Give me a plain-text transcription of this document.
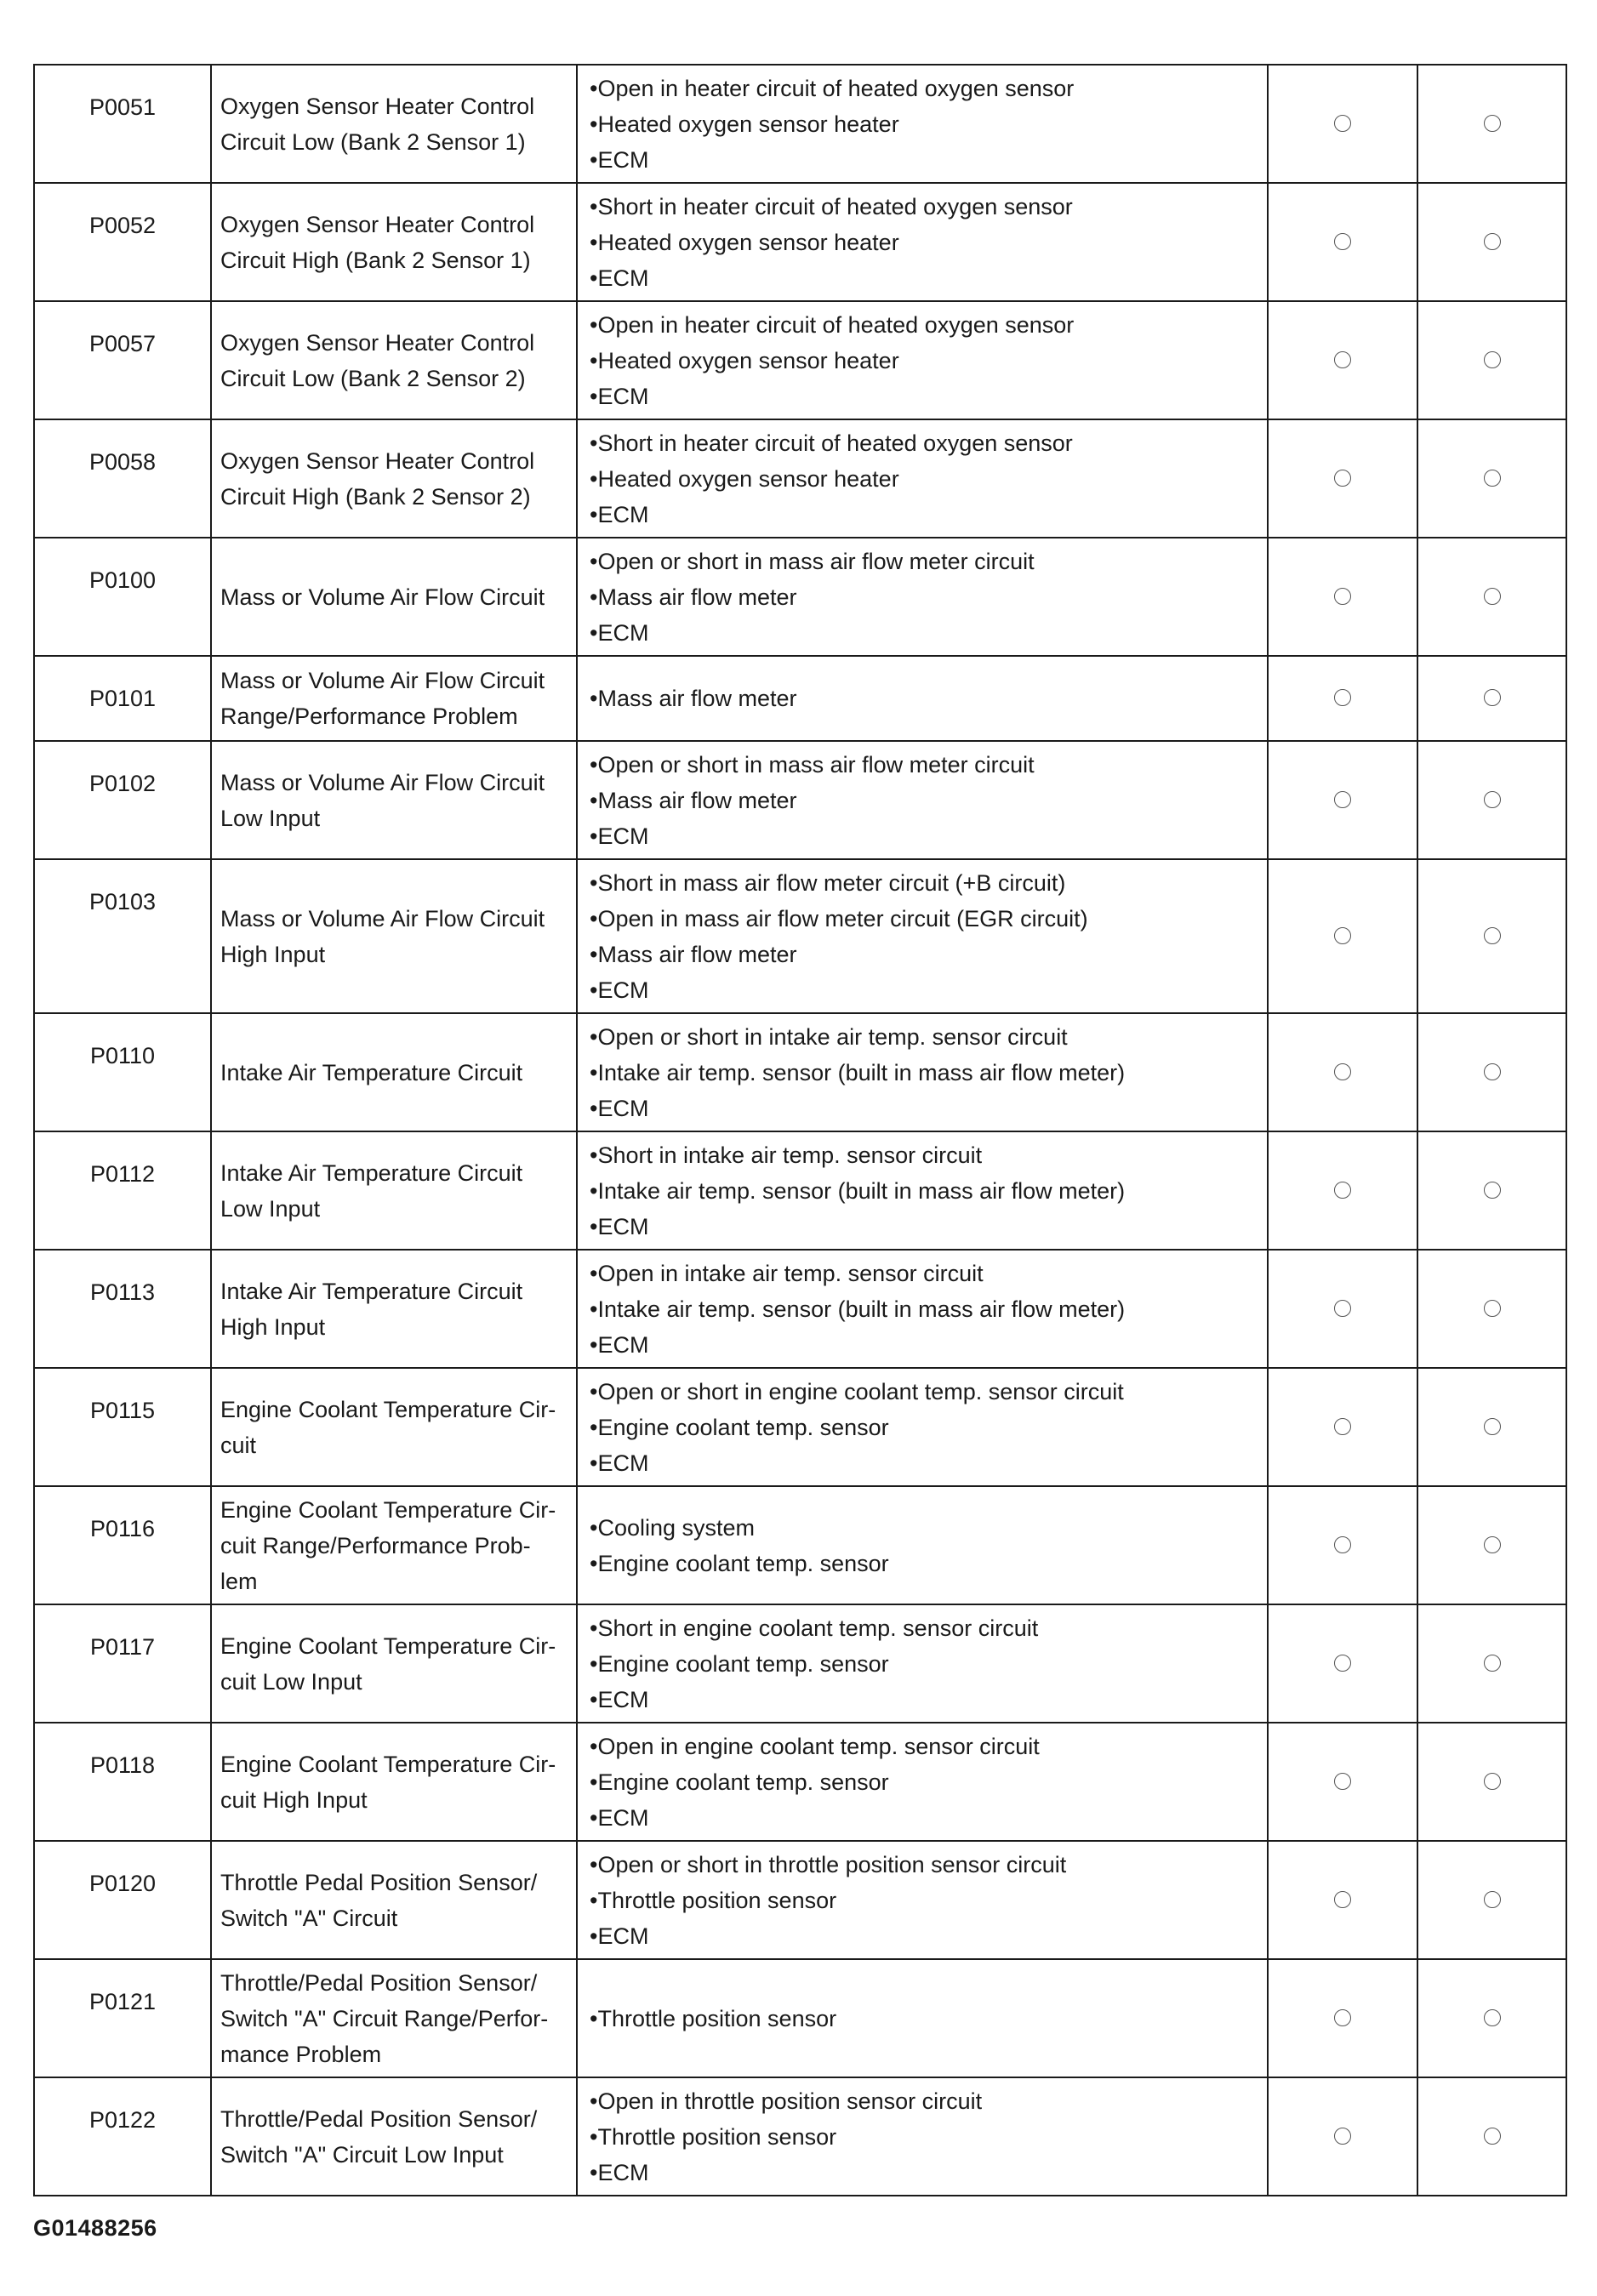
P0051	Oxygen Sensor Heater Control Circuit Low (Bank 2 Sensor 1)	•Open in heater circuit of heated oxygen sensor
•Heated oxygen sensor heater
•ECM		

P0052	Oxygen Sensor Heater Control Circuit High (Bank 2 Sensor 1)	•Short in heater circuit of heated oxygen sensor
•Heated oxygen sensor heater
•ECM		

P0057	Oxygen Sensor Heater Control Circuit Low (Bank 2 Sensor 2)	•Open in heater circuit of heated oxygen sensor
•Heated oxygen sensor heater
•ECM		

P0058	Oxygen Sensor Heater Control Circuit High (Bank 2 Sensor 2)	•Short in heater circuit of heated oxygen sensor
•Heated oxygen sensor heater
•ECM		

P0100	Mass or Volume Air Flow Circuit	•Open or short in mass air flow meter circuit
•Mass air flow meter
•ECM		

P0101	Mass or Volume Air Flow Circuit Range/Performance Problem	•Mass air flow meter		

P0102	Mass or Volume Air Flow Circuit Low Input	•Open or short in mass air flow meter circuit
•Mass air flow meter
•ECM		

P0103	Mass or Volume Air Flow Circuit High Input	•Short in mass air flow meter circuit (+B circuit)
•Open in mass air flow meter circuit (EGR circuit)
•Mass air flow meter
•ECM		

P0110	Intake Air Temperature Circuit	•Open or short in intake air temp. sensor circuit
•Intake air temp. sensor (built in mass air flow meter)
•ECM		

P0112	Intake Air Temperature Circuit Low Input	•Short in intake air temp. sensor circuit
•Intake air temp. sensor (built in mass air flow meter)
•ECM		

P0113	Intake Air Temperature Circuit High Input	•Open in intake air temp. sensor circuit
•Intake air temp. sensor (built in mass air flow meter)
•ECM		

P0115	Engine Coolant Temperature Cir-cuit	•Open or short in engine coolant temp. sensor circuit
•Engine coolant temp. sensor
•ECM		

P0116	Engine Coolant Temperature Cir-cuit Range/Performance Prob-lem	•Cooling system
•Engine coolant temp. sensor		

P0117	Engine Coolant Temperature Cir-cuit Low Input	•Short in engine coolant temp. sensor circuit
•Engine coolant temp. sensor
•ECM		

P0118	Engine Coolant Temperature Cir-cuit High Input	•Open in engine coolant temp. sensor circuit
•Engine coolant temp. sensor
•ECM		

P0120	Throttle Pedal Position Sensor/ Switch "A" Circuit	•Open or short in throttle position sensor circuit
•Throttle position sensor
•ECM		

P0121	Throttle/Pedal Position Sensor/ Switch "A" Circuit Range/Perfor-mance Problem	•Throttle position sensor		

P0122	Throttle/Pedal Position Sensor/ Switch "A" Circuit Low Input	•Open in throttle position sensor circuit
•Throttle position sensor
•ECM		

G01488256
